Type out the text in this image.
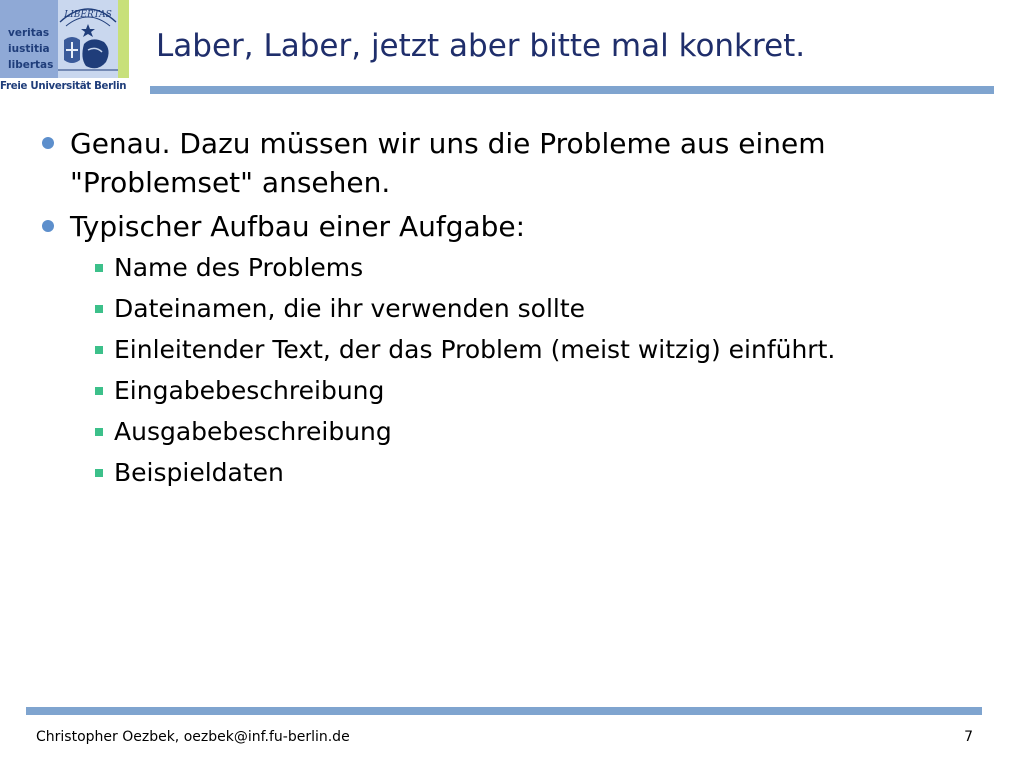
veritas
iustitia
libertas
LIBERTAS
Freie Universität Berlin
Laber, Laber, jetzt aber bitte mal konkret.
Genau. Dazu müssen wir uns die Probleme aus einem "Problemset" ansehen.
Typischer Aufbau einer Aufgabe:
Name des Problems
Dateinamen, die ihr verwenden sollte
Einleitender Text, der das Problem (meist witzig) einführt.
Eingabebeschreibung
Ausgabebeschreibung
Beispieldaten
Christopher Oezbek, oezbek@inf.fu-berlin.de	7
